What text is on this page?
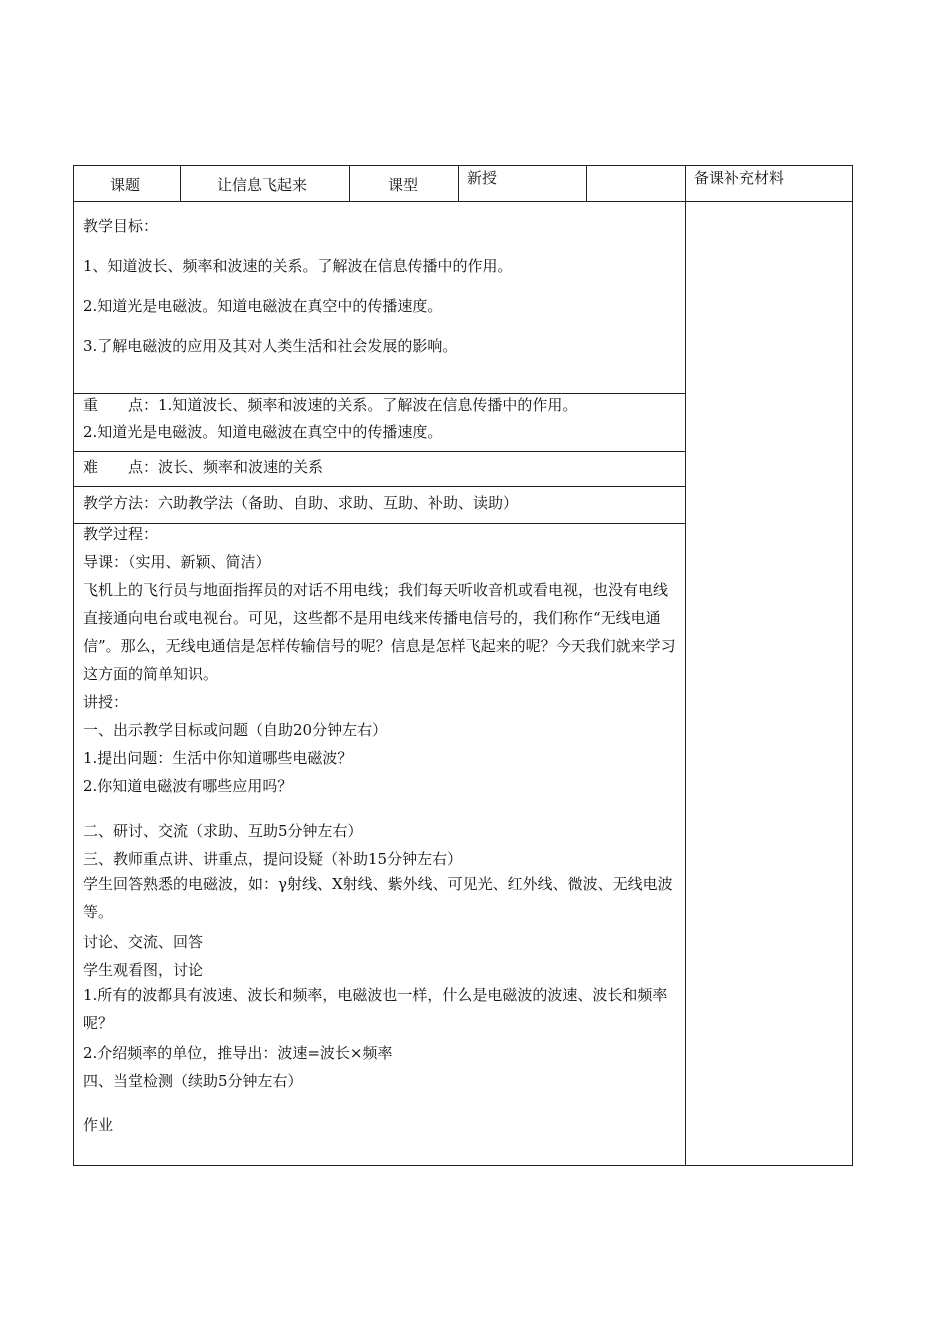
课题	让信息飞起来	课型	新授	备课补充材料
教学目标：
1、知道波长、频率和波速的关系。了解波在信息传播中的作用。
2.知道光是电磁波。知道电磁波在真空中的传播速度。
3.了解电磁波的应用及其对人类生活和社会发展的影响。
重　　点：1.知道波长、频率和波速的关系。了解波在信息传播中的作用。
2.知道光是电磁波。知道电磁波在真空中的传播速度。
难　　点：波长、频率和波速的关系
教学方法：六助教学法（备助、自助、求助、互助、补助、读助）
教学过程：
导课：（实用、新颖、简洁）
飞机上的飞行员与地面指挥员的对话不用电线；我们每天听收音机或看电视，也没有电线直接通向电台或电视台。可见，这些都不是用电线来传播电信号的，我们称作“无线电通信”。那么，无线电通信是怎样传输信号的呢？信息是怎样飞起来的呢？今天我们就来学习这方面的简单知识。
讲授：
一、出示教学目标或问题（自助20分钟左右）
1.提出问题：生活中你知道哪些电磁波？
2.你知道电磁波有哪些应用吗？
二、研讨、交流（求助、互助5分钟左右）
三、教师重点讲、讲重点，提问设疑（补助15分钟左右）
学生回答熟悉的电磁波，如：γ射线、X射线、紫外线、可见光、红外线、微波、无线电波等。
讨论、交流、回答
学生观看图，讨论
1.所有的波都具有波速、波长和频率，电磁波也一样，什么是电磁波的波速、波长和频率呢？
2.介绍频率的单位，推导出：波速=波长×频率
四、当堂检测（续助5分钟左右）
作业
